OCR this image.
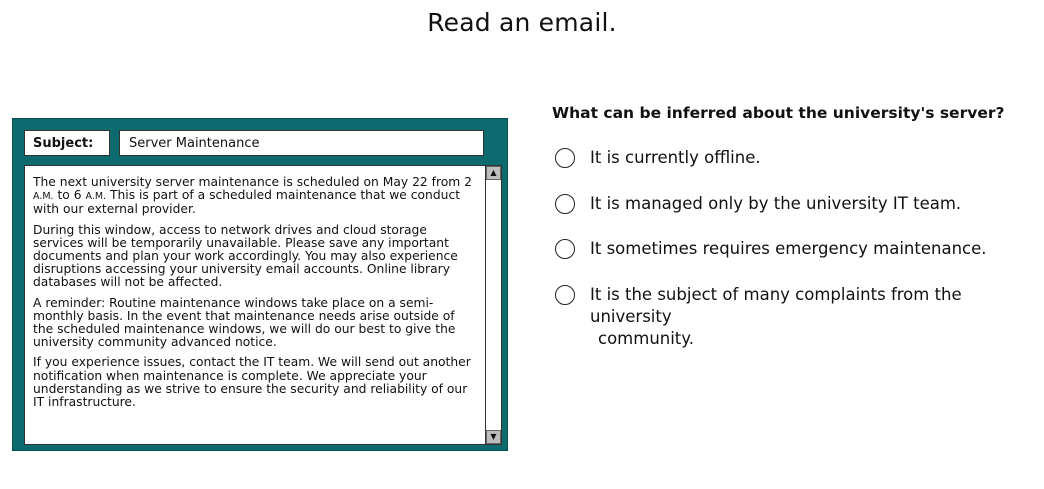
Read an email.
Subject:	Server Maintenance

The next university server maintenance is scheduled on May 22 from 2 A.M. to 6 A.M. This is part of a scheduled maintenance that we conduct with our external provider.

During this window, access to network drives and cloud storage services will be temporarily unavailable. Please save any important documents and plan your work accordingly. You may also experience disruptions accessing your university email accounts. Online library databases will not be affected.

A reminder: Routine maintenance windows take place on a semi-monthly basis. In the event that maintenance needs arise outside of the scheduled maintenance windows, we will do our best to give the university community advanced notice.

If you experience issues, contact the IT team. We will send out another notification when maintenance is complete. We appreciate your understanding as we strive to ensure the security and reliability of our IT infrastructure.

▲
▼

What can be inferred about the university's server?

It is currently offline.
It is managed only by the university IT team.
It sometimes requires emergency maintenance.
It is the subject of many complaints from the university
community.
